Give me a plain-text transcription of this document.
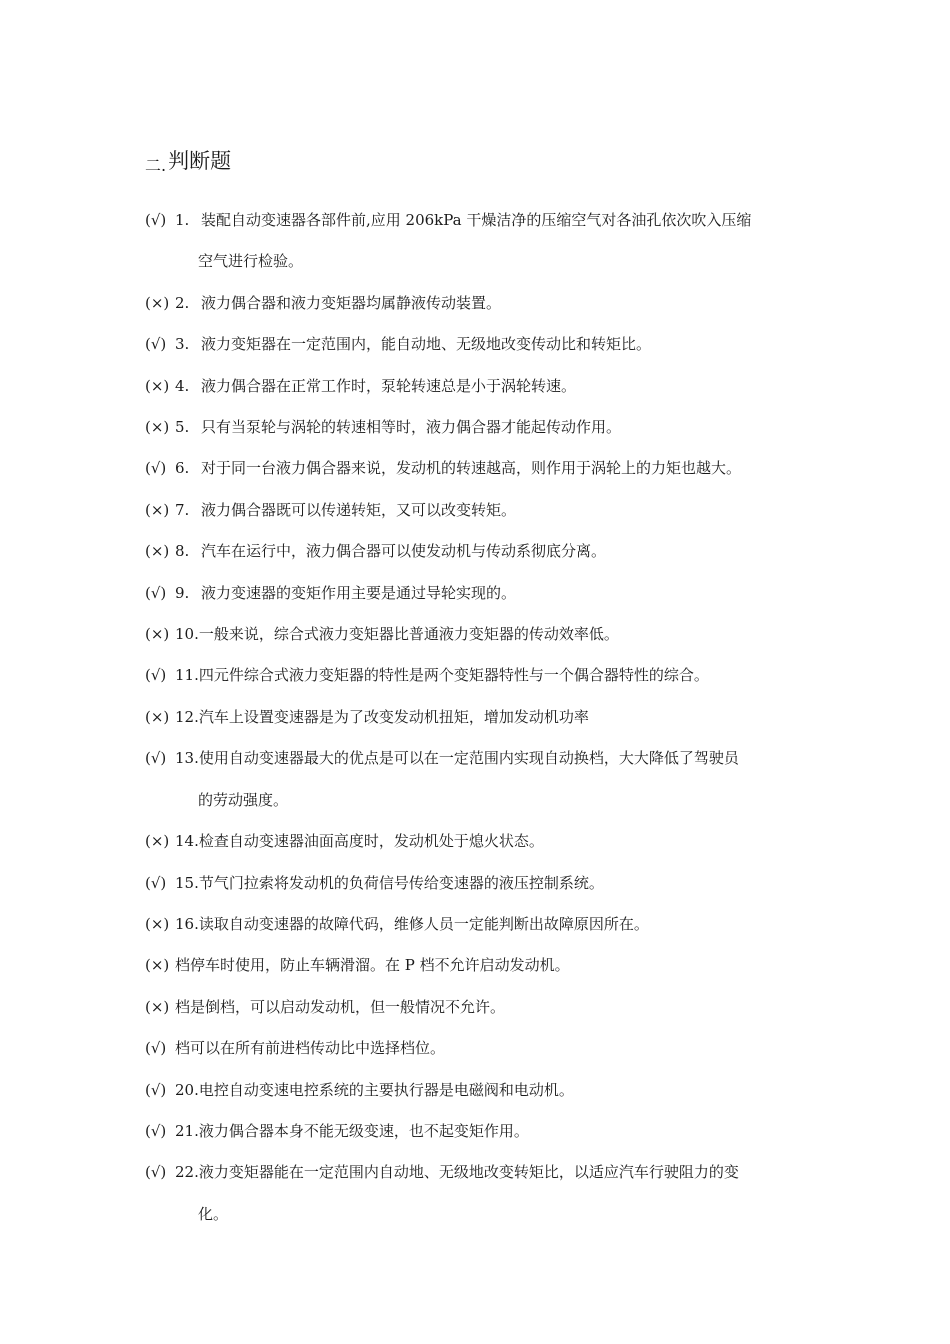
二.判断题
(√) 1. 装配自动变速器各部件前,应用 206kPa 干燥洁净的压缩空气对各油孔依次吹入压缩
空气进行检验。
(×) 2. 液力偶合器和液力变矩器均属静液传动装置。
(√) 3. 液力变矩器在一定范围内，能自动地、无级地改变传动比和转矩比。
(×) 4. 液力偶合器在正常工作时，泵轮转速总是小于涡轮转速。
(×) 5. 只有当泵轮与涡轮的转速相等时，液力偶合器才能起传动作用。
(√) 6. 对于同一台液力偶合器来说，发动机的转速越高，则作用于涡轮上的力矩也越大。
(×) 7. 液力偶合器既可以传递转矩，又可以改变转矩。
(×) 8. 汽车在运行中，液力偶合器可以使发动机与传动系彻底分离。
(√) 9. 液力变速器的变矩作用主要是通过导轮实现的。
(×) 10.一般来说，综合式液力变矩器比普通液力变矩器的传动效率低。
(√) 11.四元件综合式液力变矩器的特性是两个变矩器特性与一个偶合器特性的综合。
(×) 12.汽车上设置变速器是为了改变发动机扭矩，增加发动机功率
(√) 13.使用自动变速器最大的优点是可以在一定范围内实现自动换档，大大降低了驾驶员
的劳动强度。
(×) 14.检查自动变速器油面高度时，发动机处于熄火状态。
(√) 15.节气门拉索将发动机的负荷信号传给变速器的液压控制系统。
(×) 16.读取自动变速器的故障代码，维修人员一定能判断出故障原因所在。
(×) 档停车时使用，防止车辆滑溜。在 P 档不允许启动发动机。
(×) 档是倒档，可以启动发动机，但一般情况不允许。
(√) 档可以在所有前进档传动比中选择档位。
(√) 20.电控自动变速电控系统的主要执行器是电磁阀和电动机。
(√) 21.液力偶合器本身不能无级变速，也不起变矩作用。
(√) 22.液力变矩器能在一定范围内自动地、无级地改变转矩比，以适应汽车行驶阻力的变
化。
